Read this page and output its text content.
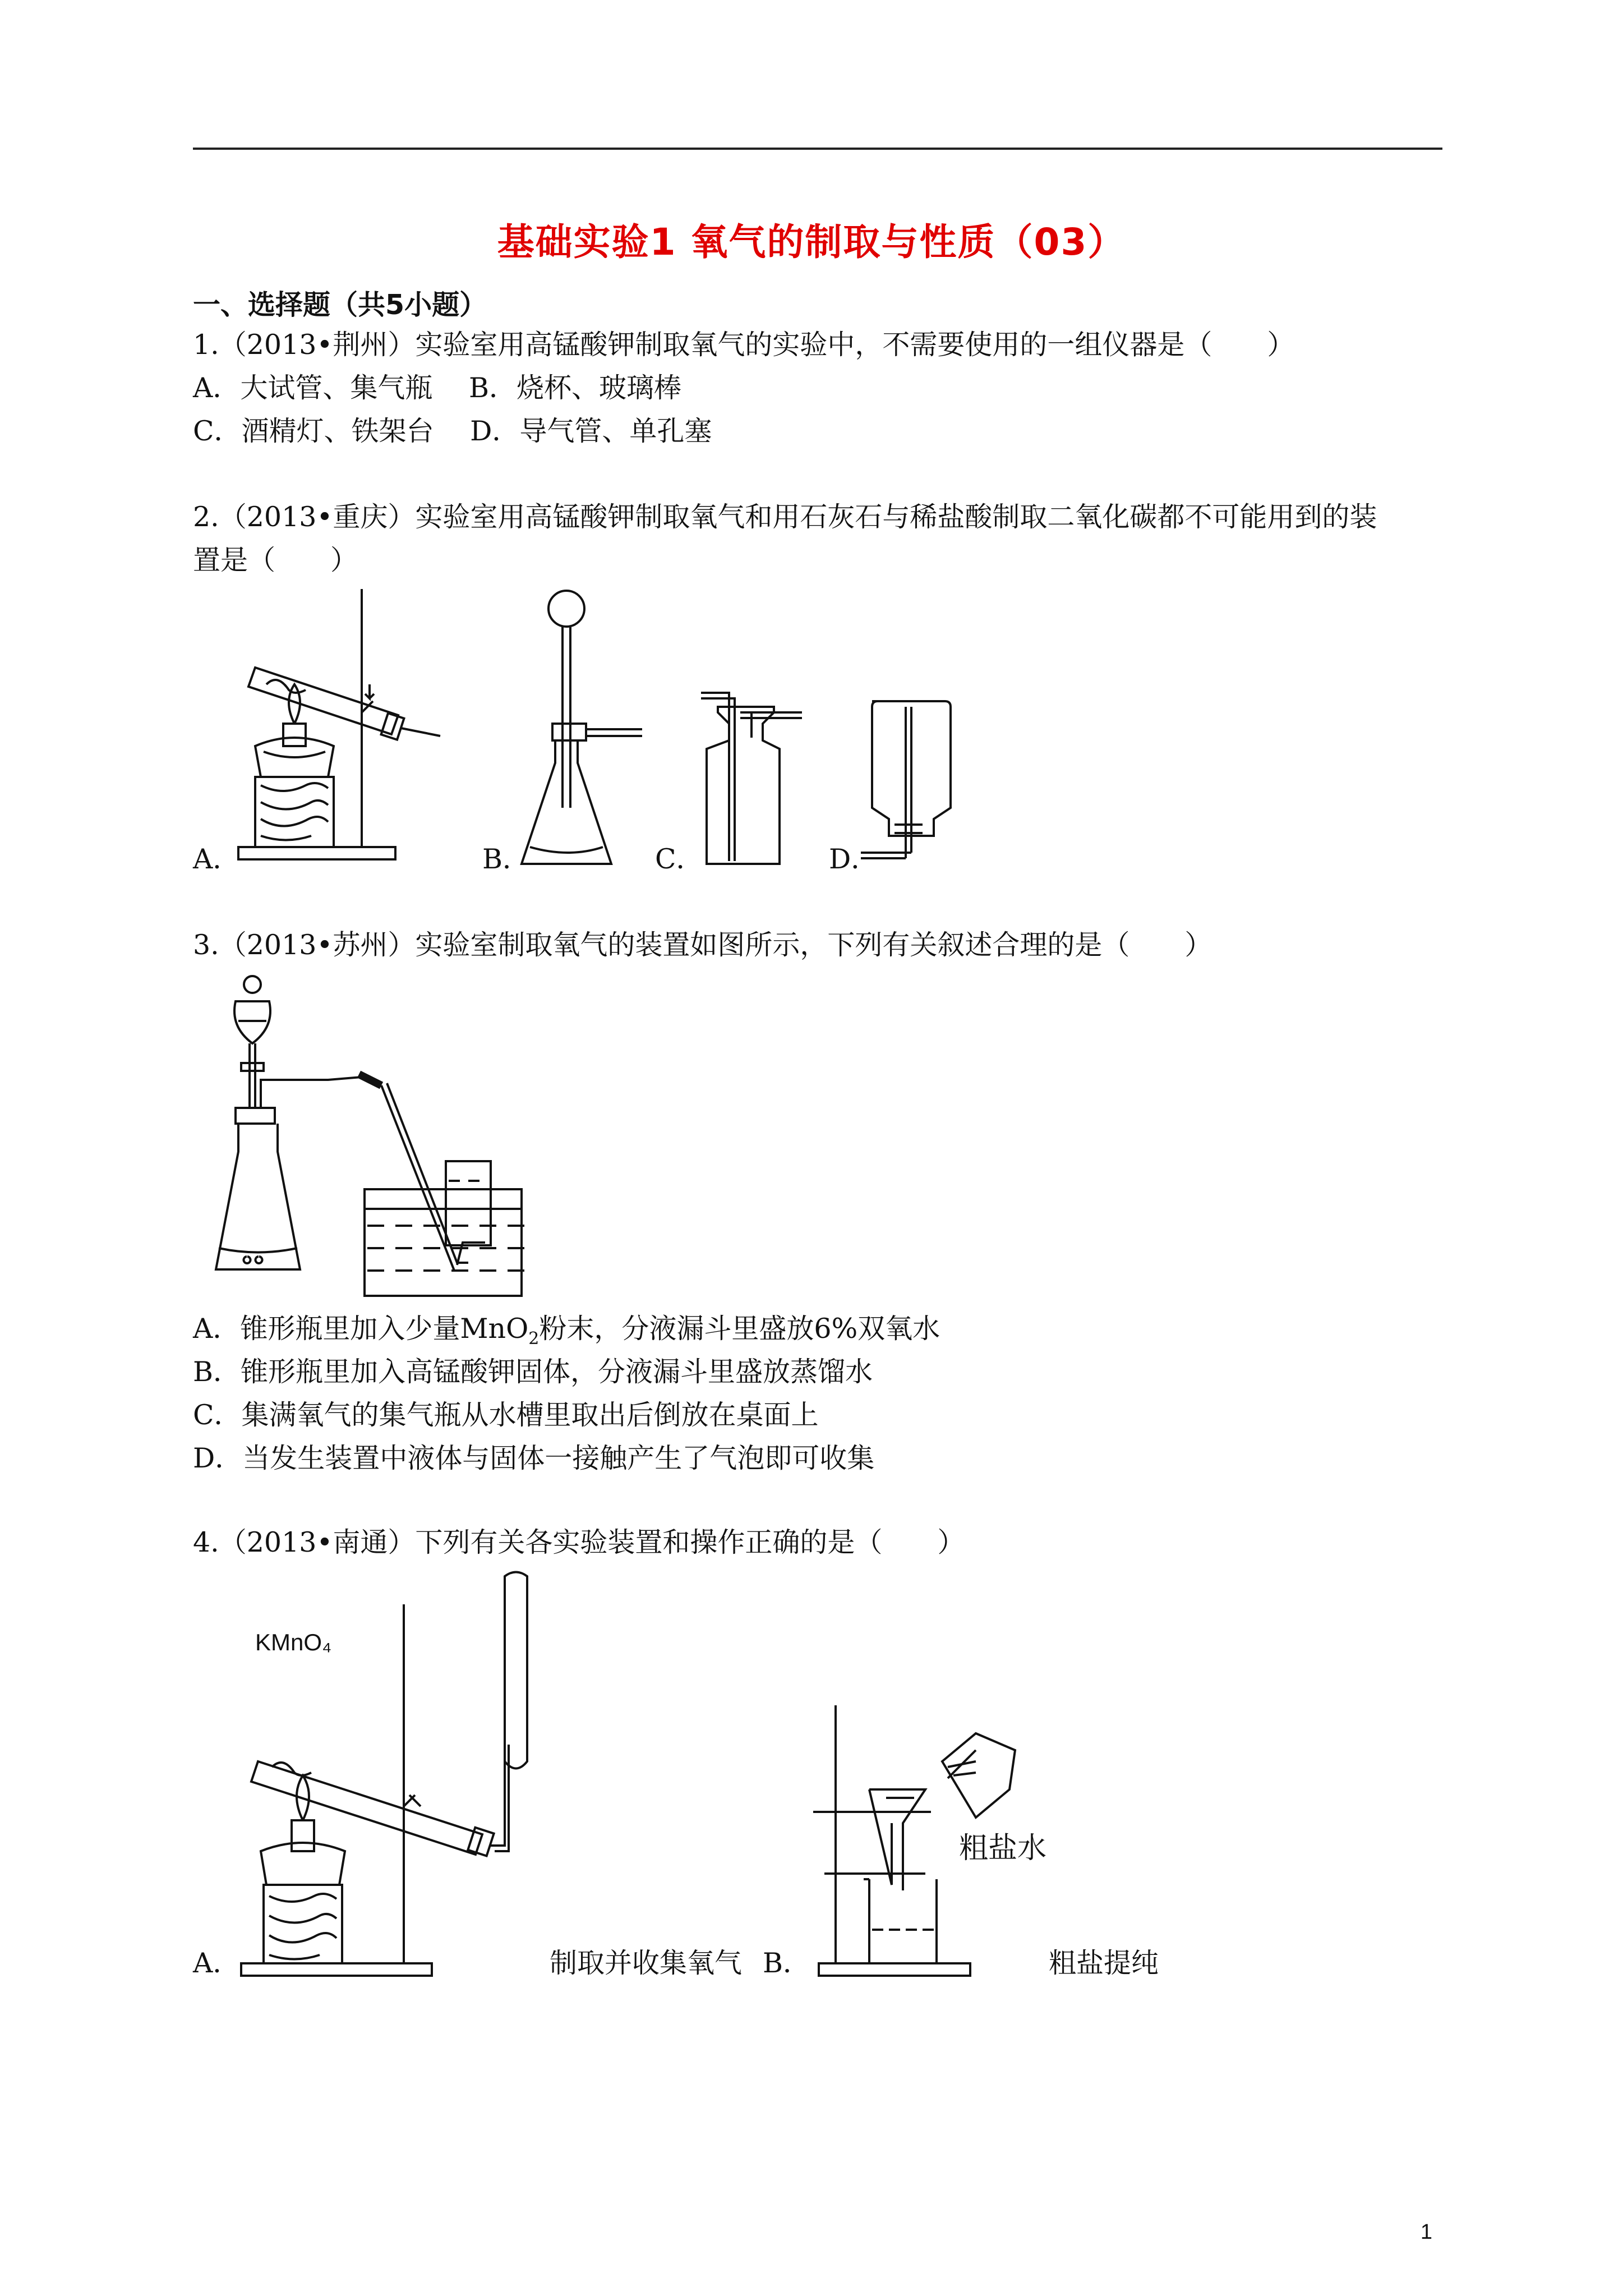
基础实验1 氧气的制取与性质（03）
一、选择题（共5小题）
1.（2013•荆州）实验室用高锰酸钾制取氧气的实验中，不需要使用的一组仪器是（　　）
A．大试管、集气瓶　 B．烧杯、玻璃棒
C．酒精灯、铁架台　 D．导气管、单孔塞
2.（2013•重庆）实验室用高锰酸钾制取氧气和用石灰石与稀盐酸制取二氧化碳都不可能用到的装
置是（　　）
A．	B．	C．	D．
3.（2013•苏州）实验室制取氧气的装置如图所示，下列有关叙述合理的是（　　）
A．锥形瓶里加入少量MnO$_2$粉末，分液漏斗里盛放6%双氧水
B．锥形瓶里加入高锰酸钾固体，分液漏斗里盛放蒸馏水
C．集满氧气的集气瓶从水槽里取出后倒放在桌面上
D．当发生装置中液体与固体一接触产生了气泡即可收集
4.（2013•南通）下列有关各实验装置和操作正确的是（　　）
KMnO₄
A．	制取并收集氧气 B．
粗盐水
粗盐提纯
1
